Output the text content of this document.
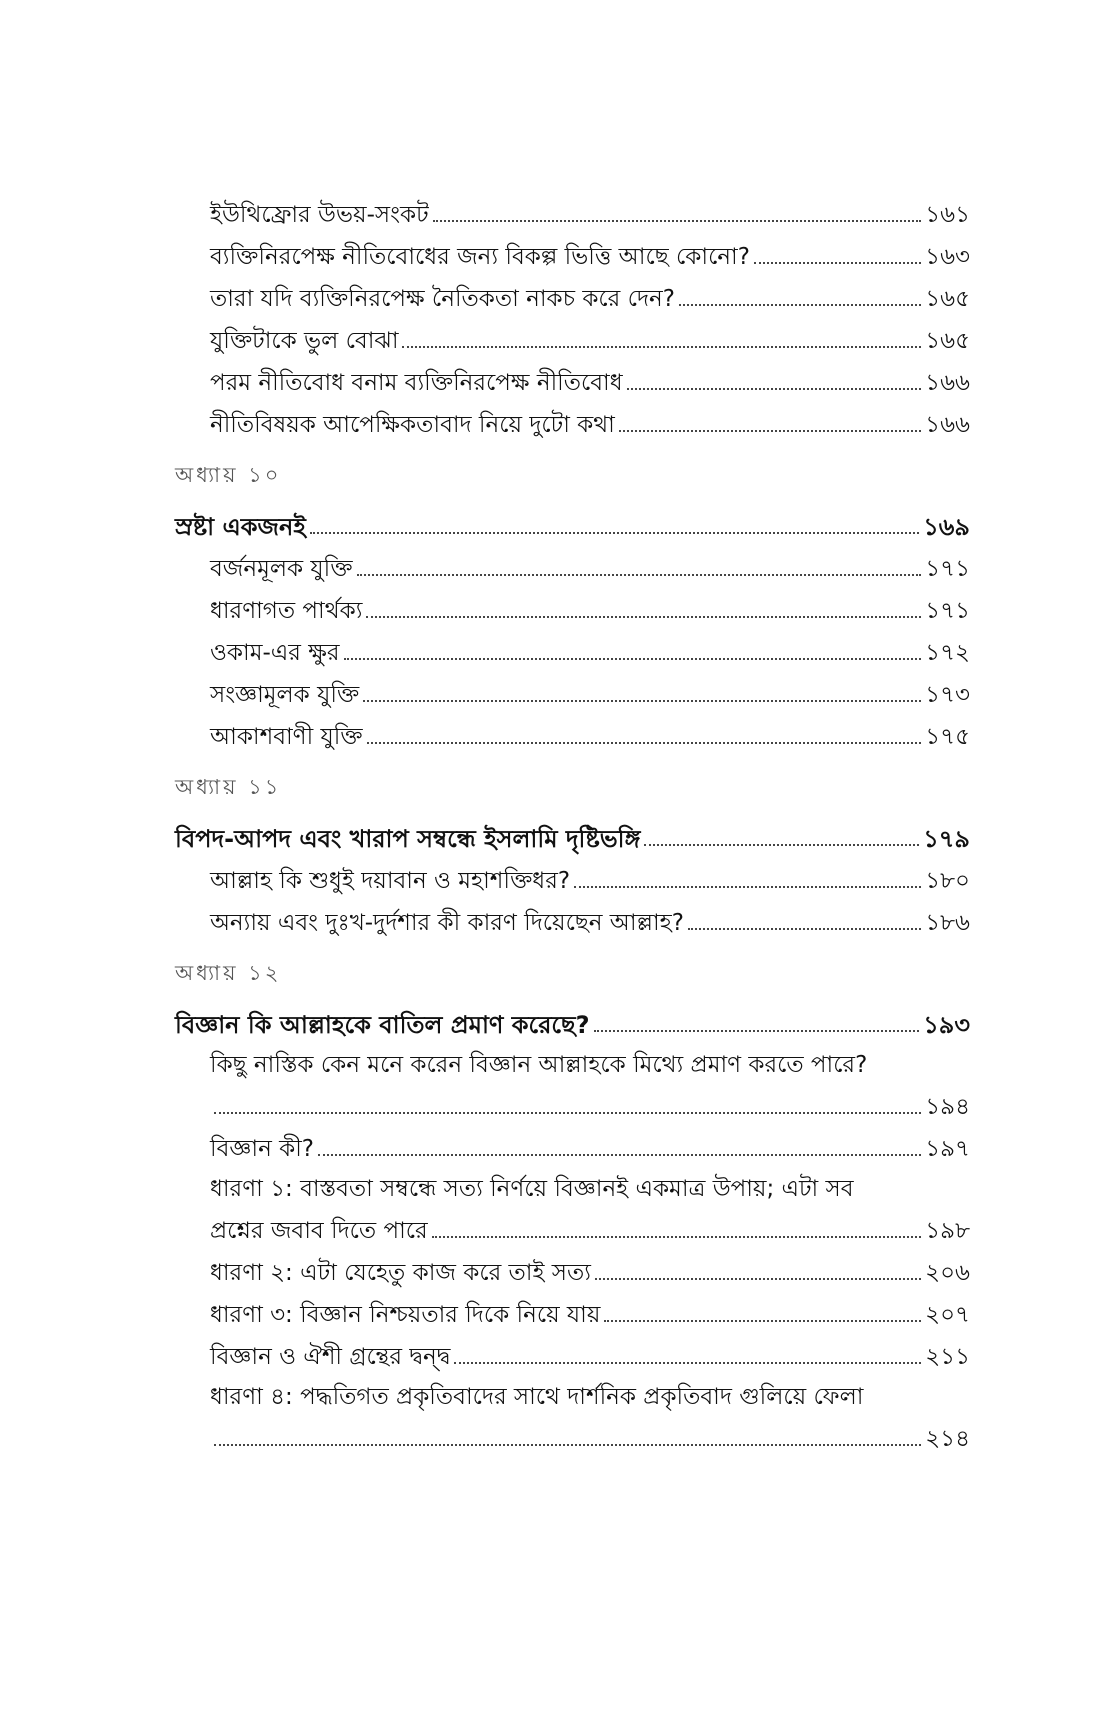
ইউথিফ্রোর উভয়-সংকট	১৬১
ব্যক্তিনিরপেক্ষ নীতিবোধের জন্য বিকল্প ভিত্তি আছে কোনো?	১৬৩
তারা যদি ব্যক্তিনিরপেক্ষ নৈতিকতা নাকচ করে দেন?	১৬৫
যুক্তিটাকে ভুল বোঝা	১৬৫
পরম নীতিবোধ বনাম ব্যক্তিনিরপেক্ষ নীতিবোধ	১৬৬
নীতিবিষয়ক আপেক্ষিকতাবাদ নিয়ে দুটো কথা	১৬৬
অধ্যায় ১০
স্রষ্টা একজনই	১৬৯
বর্জনমূলক যুক্তি	১৭১
ধারণাগত পার্থক্য	১৭১
ওকাম-এর ক্ষুর	১৭২
সংজ্ঞামূলক যুক্তি	১৭৩
আকাশবাণী যুক্তি	১৭৫
অধ্যায় ১১
বিপদ-আপদ এবং খারাপ সম্বন্ধে ইসলামি দৃষ্টিভঙ্গি	১৭৯
আল্লাহ কি শুধুই দয়াবান ও মহাশক্তিধর?	১৮০
অন্যায় এবং দুঃখ-দুর্দশার কী কারণ দিয়েছেন আল্লাহ?	১৮৬
অধ্যায় ১২
বিজ্ঞান কি আল্লাহকে বাতিল প্রমাণ করেছে?	১৯৩
কিছু নাস্তিক কেন মনে করেন বিজ্ঞান আল্লাহকে মিথ্যে প্রমাণ করতে পারে?
১৯৪
বিজ্ঞান কী?	১৯৭
ধারণা ১: বাস্তবতা সম্বন্ধে সত্য নির্ণয়ে বিজ্ঞানই একমাত্র উপায়; এটা সব
প্রশ্নের জবাব দিতে পারে	১৯৮
ধারণা ২: এটা যেহেতু কাজ করে তাই সত্য	২০৬
ধারণা ৩: বিজ্ঞান নিশ্চয়তার দিকে নিয়ে যায়	২০৭
বিজ্ঞান ও ঐশী গ্রন্থের দ্বন্দ্ব	২১১
ধারণা ৪: পদ্ধতিগত প্রকৃতিবাদের সাথে দার্শনিক প্রকৃতিবাদ গুলিয়ে ফেলা
২১৪
